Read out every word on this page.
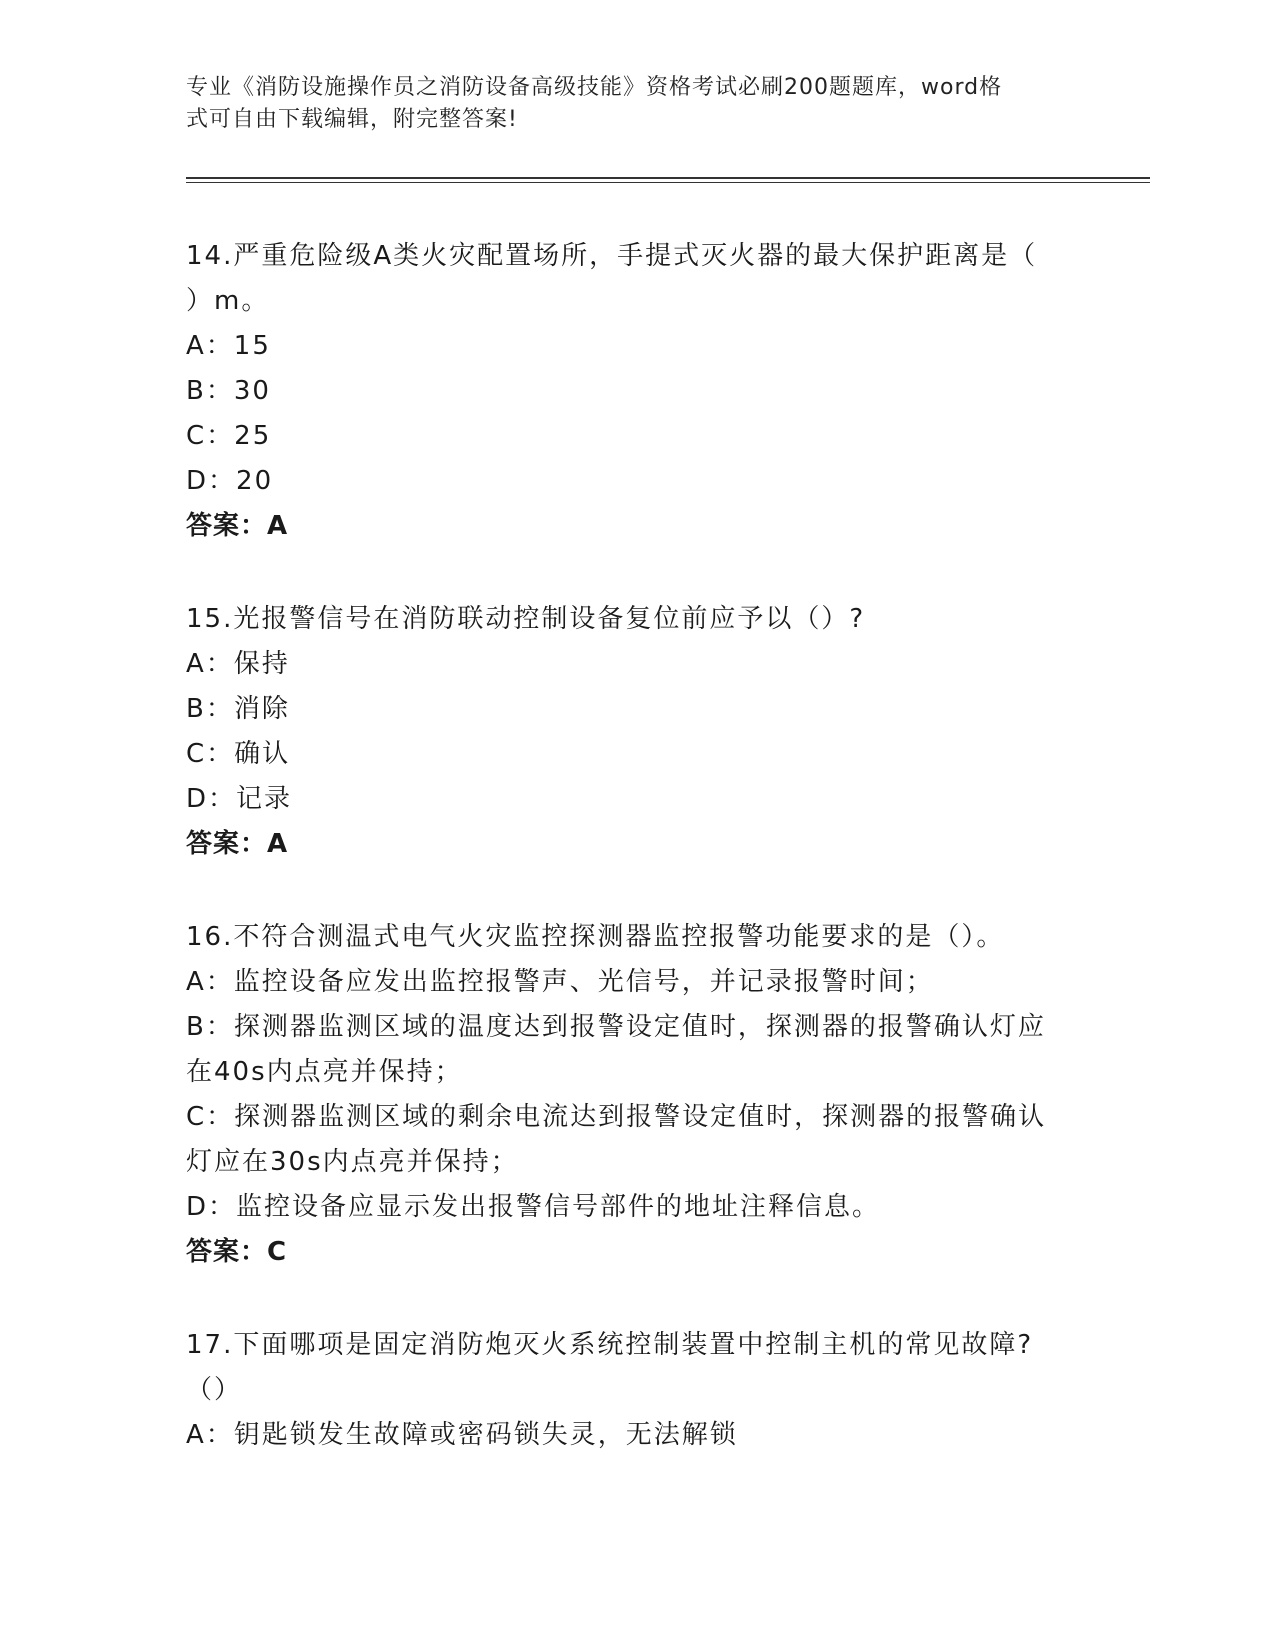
专业《消防设施操作员之消防设备高级技能》资格考试必刷200题题库，word格
式可自由下载编辑，附完整答案!
14.严重危险级A类火灾配置场所，手提式灭火器的最大保护距离是（
）m。
A：15
B：30
C：25
D：20
答案：A
15.光报警信号在消防联动控制设备复位前应予以（）?
A：保持
B：消除
C：确认
D：记录
答案：A
16.不符合测温式电气火灾监控探测器监控报警功能要求的是（）。
A：监控设备应发出监控报警声、光信号，并记录报警时间；
B：探测器监测区域的温度达到报警设定值时，探测器的报警确认灯应
在40s内点亮并保持；
C：探测器监测区域的剩余电流达到报警设定值时，探测器的报警确认
灯应在30s内点亮并保持；
D：监控设备应显示发出报警信号部件的地址注释信息。
答案：C
17.下面哪项是固定消防炮灭火系统控制装置中控制主机的常见故障?
（）
A：钥匙锁发生故障或密码锁失灵，无法解锁
